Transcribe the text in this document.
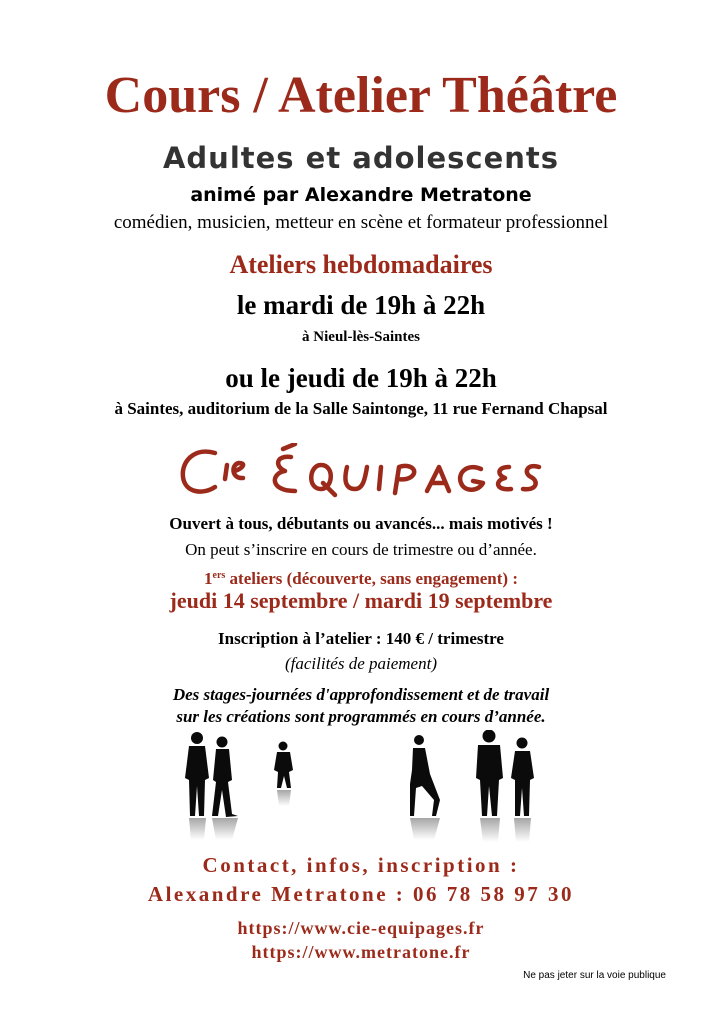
Cours / Atelier Théâtre
Adultes et adolescents
animé par Alexandre Metratone
comédien, musicien, metteur en scène et formateur professionnel
Ateliers hebdomadaires
le mardi de 19h à 22h
à Nieul-lès-Saintes
ou le jeudi de 19h à 22h
à Saintes, auditorium de la Salle Saintonge, 11 rue Fernand Chapsal
Ouvert à tous, débutants ou avancés... mais motivés !
On peut s’inscrire en cours de trimestre ou d’année.
1ers ateliers (découverte, sans engagement) :
jeudi 14 septembre / mardi 19 septembre
Inscription à l’atelier : 140 € / trimestre
(facilités de paiement)
Des stages-journées d'approfondissement et de travail
sur les créations sont programmés en cours d’année.
Contact, infos, inscription :
Alexandre Metratone : 06 78 58 97 30
https://www.cie-equipages.fr
https://www.metratone.fr
Ne pas jeter sur la voie publique
